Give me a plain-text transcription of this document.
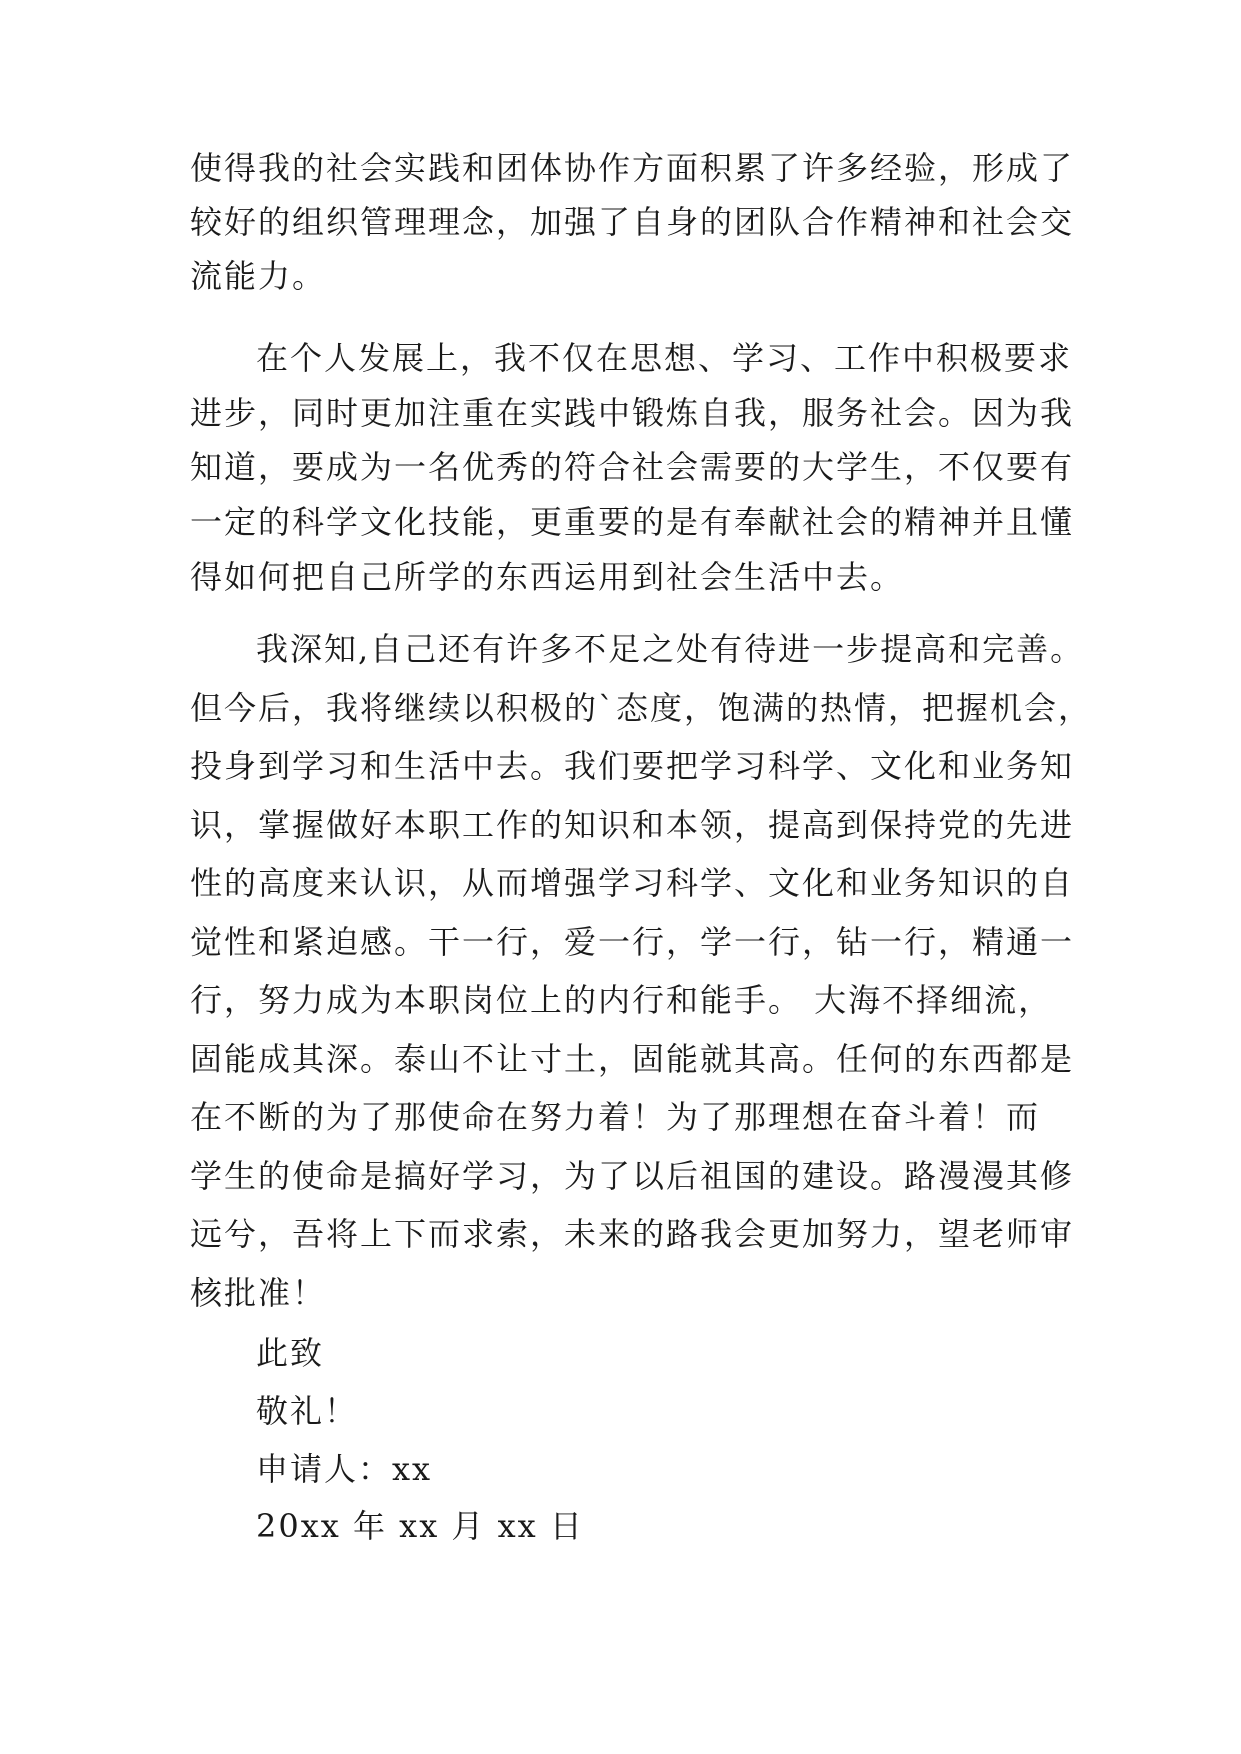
使得我的社会实践和团体协作方面积累了许多经验，形成了
较好的组织管理理念，加强了自身的团队合作精神和社会交
流能力。
在个人发展上，我不仅在思想、学习、工作中积极要求
进步，同时更加注重在实践中锻炼自我，服务社会。因为我
知道，要成为一名优秀的符合社会需要的大学生，不仅要有
一定的科学文化技能，更重要的是有奉献社会的精神并且懂
得如何把自己所学的东西运用到社会生活中去。
我深知,自己还有许多不足之处有待进一步提高和完善。
但今后，我将继续以积极的`态度，饱满的热情，把握机会，
投身到学习和生活中去。我们要把学习科学、文化和业务知
识，掌握做好本职工作的知识和本领，提高到保持党的先进
性的高度来认识，从而增强学习科学、文化和业务知识的自
觉性和紧迫感。干一行，爱一行，学一行，钻一行，精通一
行，努力成为本职岗位上的内行和能手。 大海不择细流，
固能成其深。泰山不让寸土，固能就其高。任何的东西都是
在不断的为了那使命在努力着！为了那理想在奋斗着！而
学生的使命是搞好学习，为了以后祖国的建设。路漫漫其修
远兮，吾将上下而求索，未来的路我会更加努力，望老师审
核批准！
此致
敬礼！
申请人：xx
20xx 年 xx 月 xx 日
